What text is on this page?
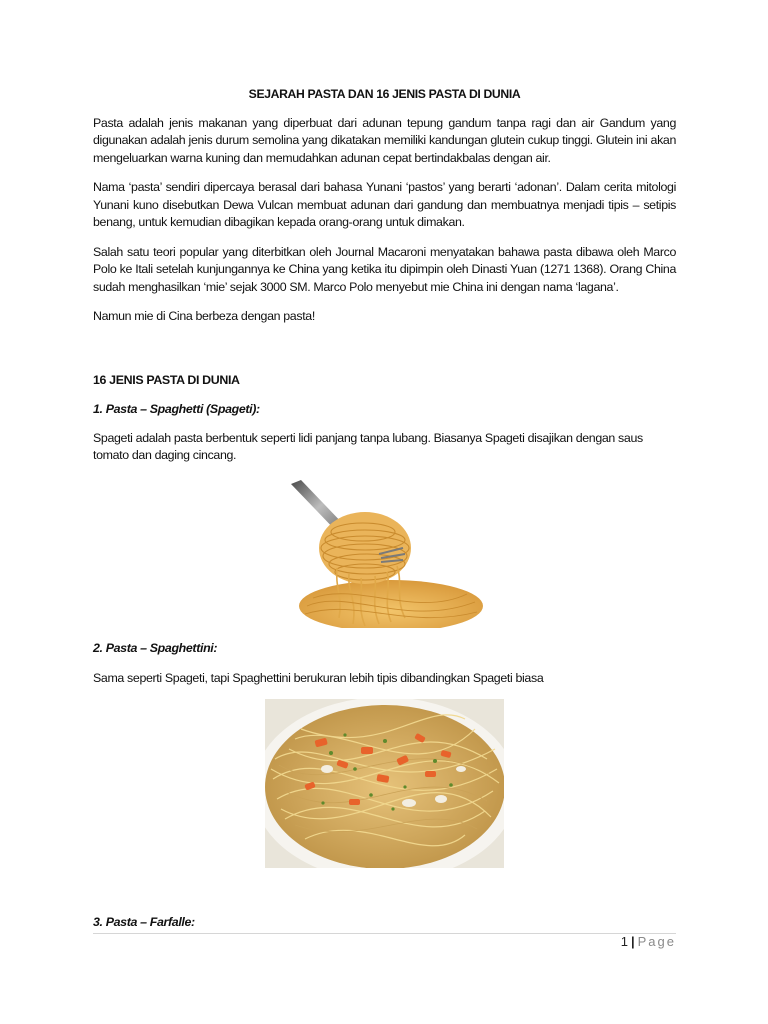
SEJARAH PASTA DAN 16 JENIS PASTA DI DUNIA

Pasta adalah jenis makanan yang diperbuat dari adunan tepung gandum tanpa ragi dan air Gandum yang digunakan adalah jenis durum semolina yang dikatakan memiliki kandungan glutein cukup tinggi. Glutein ini akan mengeluarkan warna kuning dan memudahkan adunan cepat bertindakbalas dengan air.

Nama ‘pasta’ sendiri dipercaya berasal dari bahasa Yunani ‘pastos’ yang berarti ‘adonan’. Dalam cerita mitologi Yunani kuno disebutkan Dewa Vulcan membuat adunan dari gandung dan membuatnya menjadi tipis – setipis benang, untuk kemudian dibagikan kepada orang-orang untuk dimakan.

Salah satu teori popular yang diterbitkan oleh Journal Macaroni menyatakan bahawa pasta dibawa oleh Marco Polo ke Itali setelah kunjungannya ke China yang ketika itu dipimpin oleh Dinasti Yuan (1271 1368). Orang China sudah menghasilkan ‘mie’ sejak 3000 SM. Marco Polo menyebut mie China ini dengan nama ‘lagana’.

Namun mie di Cina berbeza dengan pasta!

16 JENIS PASTA DI DUNIA

1. Pasta – Spaghetti (Spageti):

Spageti adalah pasta berbentuk seperti lidi panjang tanpa lubang. Biasanya Spageti disajikan dengan saus tomato dan daging cincang.

2. Pasta – Spaghettini:

Sama seperti Spageti, tapi Spaghettini berukuran lebih tipis dibandingkan Spageti biasa

3. Pasta – Farfalle:

1 | Page
